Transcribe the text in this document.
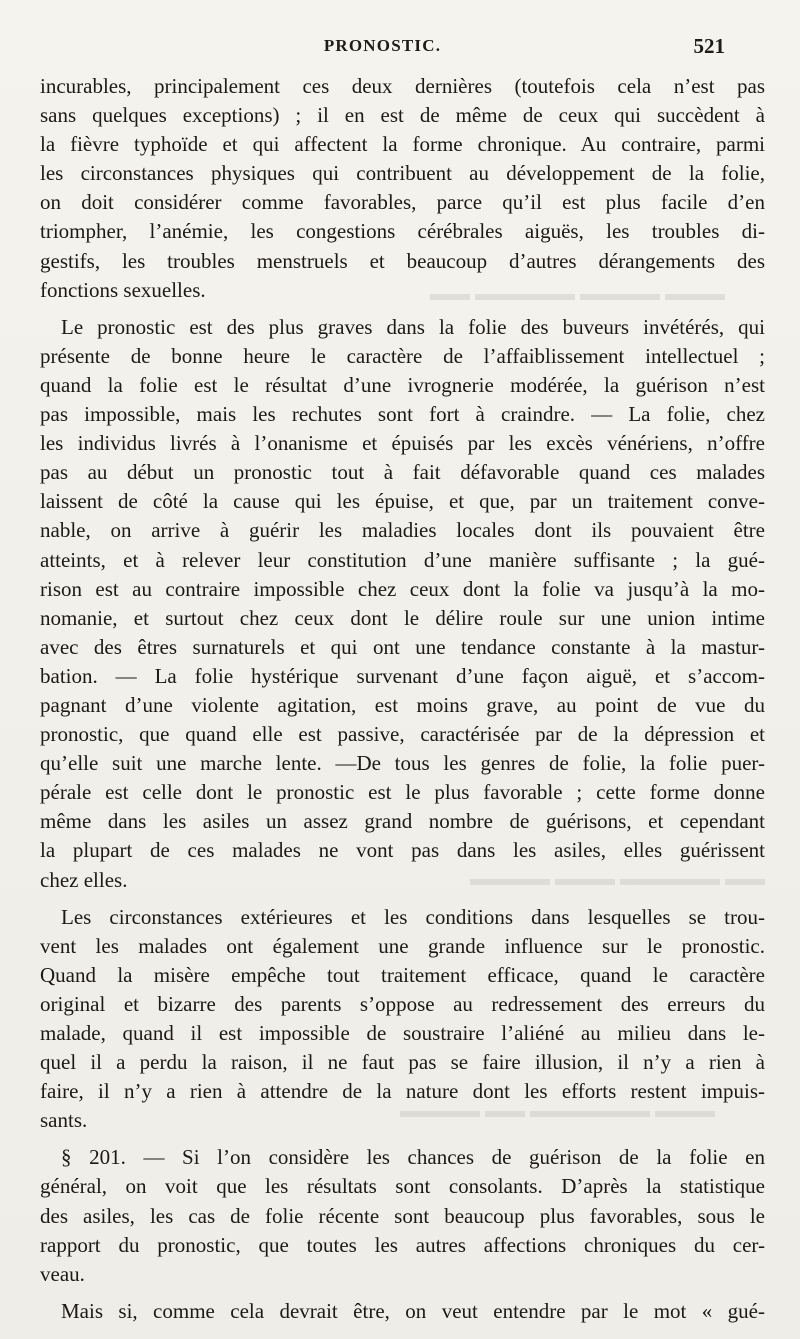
▬▬▬ ▬▬▬▬ ▬▬▬▬▬ ▬▬
▬▬ ▬▬▬▬▬ ▬▬▬ ▬▬▬▬
▬▬▬ ▬▬▬▬▬▬ ▬▬ ▬▬▬▬
PRONOSTIC.	521
incurables, principalement ces deux dernières (toutefois cela n’est pas
sans quelques exceptions) ; il en est de même de ceux qui succèdent à
la fièvre typhoïde et qui affectent la forme chronique. Au contraire, parmi
les circonstances physiques qui contribuent au développement de la folie,
on doit considérer comme favorables, parce qu’il est plus facile d’en
triompher, l’anémie, les congestions cérébrales aiguës, les troubles di-
gestifs, les troubles menstruels et beaucoup d’autres dérangements des
fonctions sexuelles.
Le pronostic est des plus graves dans la folie des buveurs invétérés, qui
présente de bonne heure le caractère de l’affaiblissement intellectuel ;
quand la folie est le résultat d’une ivrognerie modérée, la guérison n’est
pas impossible, mais les rechutes sont fort à craindre. — La folie, chez
les individus livrés à l’onanisme et épuisés par les excès vénériens, n’offre
pas au début un pronostic tout à fait défavorable quand ces malades
laissent de côté la cause qui les épuise, et que, par un traitement conve-
nable, on arrive à guérir les maladies locales dont ils pouvaient être
atteints, et à relever leur constitution d’une manière suffisante ; la gué-
rison est au contraire impossible chez ceux dont la folie va jusqu’à la mo-
nomanie, et surtout chez ceux dont le délire roule sur une union intime
avec des êtres surnaturels et qui ont une tendance constante à la mastur-
bation. — La folie hystérique survenant d’une façon aiguë, et s’accom-
pagnant d’une violente agitation, est moins grave, au point de vue du
pronostic, que quand elle est passive, caractérisée par de la dépression et
qu’elle suit une marche lente. —De tous les genres de folie, la folie puer-
pérale est celle dont le pronostic est le plus favorable ; cette forme donne
même dans les asiles un assez grand nombre de guérisons, et cependant
la plupart de ces malades ne vont pas dans les asiles, elles guérissent
chez elles.
Les circonstances extérieures et les conditions dans lesquelles se trou-
vent les malades ont également une grande influence sur le pronostic.
Quand la misère empêche tout traitement efficace, quand le caractère
original et bizarre des parents s’oppose au redressement des erreurs du
malade, quand il est impossible de soustraire l’aliéné au milieu dans le-
quel il a perdu la raison, il ne faut pas se faire illusion, il n’y a rien à
faire, il n’y a rien à attendre de la nature dont les efforts restent impuis-
sants.
§ 201. — Si l’on considère les chances de guérison de la folie en
général, on voit que les résultats sont consolants. D’après la statistique
des asiles, les cas de folie récente sont beaucoup plus favorables, sous le
rapport du pronostic, que toutes les autres affections chroniques du cer-
veau.
Mais si, comme cela devrait être, on veut entendre par le mot « gué-
